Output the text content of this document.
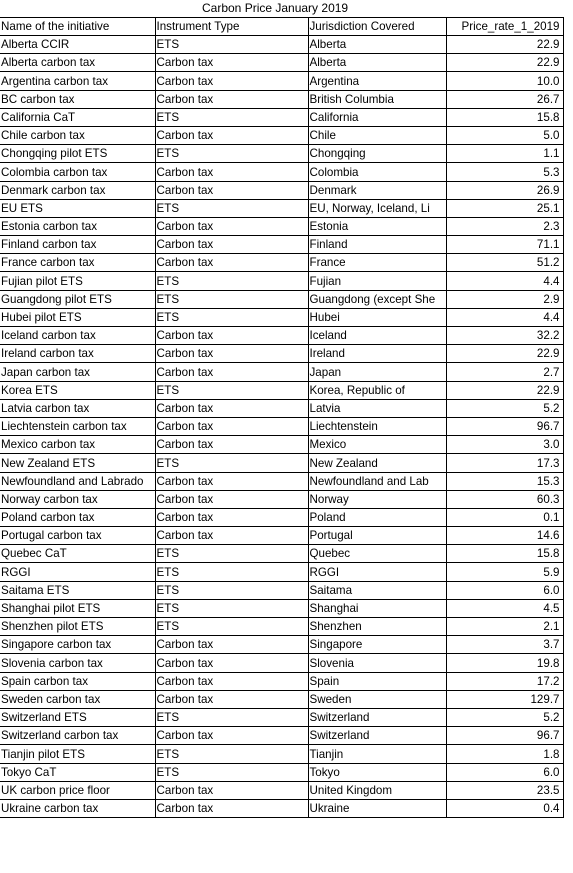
Carbon Price January 2019
Name of the initiative	Instrument Type	Jurisdiction Covered	Price_rate_1_2019
Alberta CCIR	ETS	Alberta	22.9
Alberta carbon tax	Carbon tax	Alberta	22.9
Argentina carbon tax	Carbon tax	Argentina	10.0
BC carbon tax	Carbon tax	British Columbia	26.7
California CaT	ETS	California	15.8
Chile carbon tax	Carbon tax	Chile	5.0
Chongqing pilot ETS	ETS	Chongqing	1.1
Colombia carbon tax	Carbon tax	Colombia	5.3
Denmark carbon tax	Carbon tax	Denmark	26.9
EU ETS	ETS	EU, Norway, Iceland, Li	25.1
Estonia carbon tax	Carbon tax	Estonia	2.3
Finland carbon tax	Carbon tax	Finland	71.1
France carbon tax	Carbon tax	France	51.2
Fujian pilot ETS	ETS	Fujian	4.4
Guangdong pilot ETS	ETS	Guangdong (except She	2.9
Hubei pilot ETS	ETS	Hubei	4.4
Iceland carbon tax	Carbon tax	Iceland	32.2
Ireland carbon tax	Carbon tax	Ireland	22.9
Japan carbon tax	Carbon tax	Japan	2.7
Korea ETS	ETS	Korea, Republic of	22.9
Latvia carbon tax	Carbon tax	Latvia	5.2
Liechtenstein carbon tax	Carbon tax	Liechtenstein	96.7
Mexico carbon tax	Carbon tax	Mexico	3.0
New Zealand ETS	ETS	New Zealand	17.3
Newfoundland and Labrado	Carbon tax	Newfoundland and Lab	15.3
Norway carbon tax	Carbon tax	Norway	60.3
Poland carbon tax	Carbon tax	Poland	0.1
Portugal carbon tax	Carbon tax	Portugal	14.6
Quebec CaT	ETS	Quebec	15.8
RGGI	ETS	RGGI	5.9
Saitama ETS	ETS	Saitama	6.0
Shanghai pilot ETS	ETS	Shanghai	4.5
Shenzhen pilot ETS	ETS	Shenzhen	2.1
Singapore carbon tax	Carbon tax	Singapore	3.7
Slovenia carbon tax	Carbon tax	Slovenia	19.8
Spain carbon tax	Carbon tax	Spain	17.2
Sweden carbon tax	Carbon tax	Sweden	129.7
Switzerland ETS	ETS	Switzerland	5.2
Switzerland carbon tax	Carbon tax	Switzerland	96.7
Tianjin pilot ETS	ETS	Tianjin	1.8
Tokyo CaT	ETS	Tokyo	6.0
UK carbon price floor	Carbon tax	United Kingdom	23.5
Ukraine carbon tax	Carbon tax	Ukraine	0.4
